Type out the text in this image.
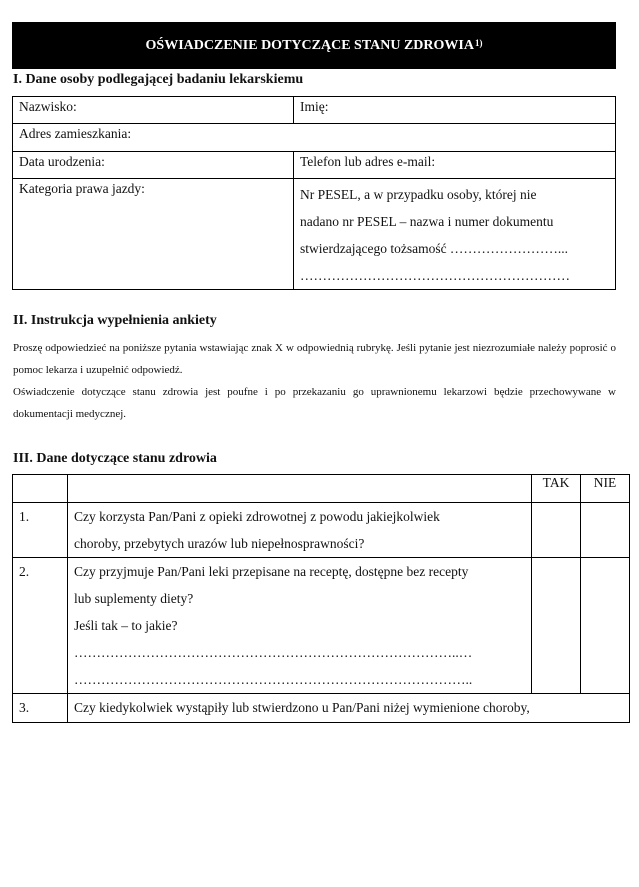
OŚWIADCZENIE DOTYCZĄCE STANU ZDROWIA$^{1)}$
I. Dane osoby podlegającej badaniu lekarskiemu
Nazwisko:	Imię:
Adres zamieszkania:	
Data urodzenia:	Telefon lub adres e-mail:
Kategoria prawa jazdy:	Nr PESEL, a w przypadku osoby, której nie
nadano nr PESEL – nazwa i numer dokumentu
stwierdzającego tożsamość ……………………...
……………………………………………………
II. Instrukcja wypełnienia ankiety

Proszę odpowiedzieć na poniższe pytania wstawiając znak X w odpowiednią rubrykę. Jeśli pytanie jest niezrozumiałe należy poprosić o pomoc lekarza i uzupełnić odpowiedź.

Oświadczenie dotyczące stanu zdrowia jest poufne i po przekazaniu go uprawnionemu lekarzowi będzie przechowywane w dokumentacji medycznej.

III. Dane dotyczące stanu zdrowia
		TAK	NIE
1.	Czy korzysta Pan/Pani z opieki zdrowotnej z powodu jakiejkolwiek
choroby, przebytych urazów lub niepełnosprawności?		

2.	Czy przyjmuje Pan/Pani leki przepisane na receptę, dostępne bez recepty
lub suplementy diety?
Jeśli tak – to jakie?
…………………………………………………………………………..…
……………………………………………………………………………..		

3.	Czy kiedykolwiek wystąpiły lub stwierdzono u Pan/Pani niżej wymienione choroby,		
